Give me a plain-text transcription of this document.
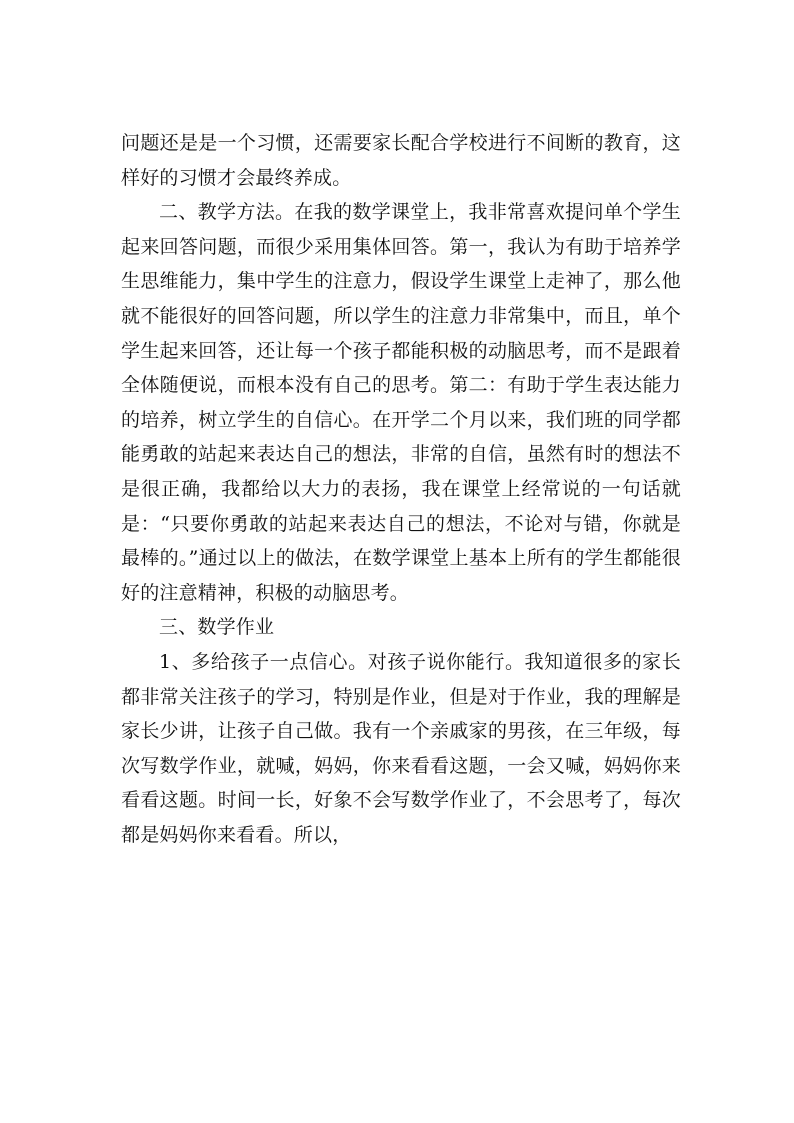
问题还是是一个习惯，还需要家长配合学校进行不间断的教育，这样好的习惯才会最终养成。

二、教学方法。在我的数学课堂上，我非常喜欢提问单个学生起来回答问题，而很少采用集体回答。第一，我认为有助于培养学生思维能力，集中学生的注意力，假设学生课堂上走神了，那么他就不能很好的回答问题，所以学生的注意力非常集中，而且，单个学生起来回答，还让每一个孩子都能积极的动脑思考，而不是跟着全体随便说，而根本没有自己的思考。第二：有助于学生表达能力的培养，树立学生的自信心。在开学二个月以来，我们班的同学都能勇敢的站起来表达自己的想法，非常的自信，虽然有时的想法不是很正确，我都给以大力的表扬，我在课堂上经常说的一句话就是：“只要你勇敢的站起来表达自己的想法，不论对与错，你就是最棒的。”通过以上的做法，在数学课堂上基本上所有的学生都能很好的注意精神，积极的动脑思考。

三、数学作业

1、多给孩子一点信心。对孩子说你能行。我知道很多的家长都非常关注孩子的学习，特别是作业，但是对于作业，我的理解是家长少讲，让孩子自己做。我有一个亲戚家的男孩，在三年级，每次写数学作业，就喊，妈妈，你来看看这题，一会又喊，妈妈你来看看这题。时间一长，好象不会写数学作业了，不会思考了，每次都是妈妈你来看看。所以，
